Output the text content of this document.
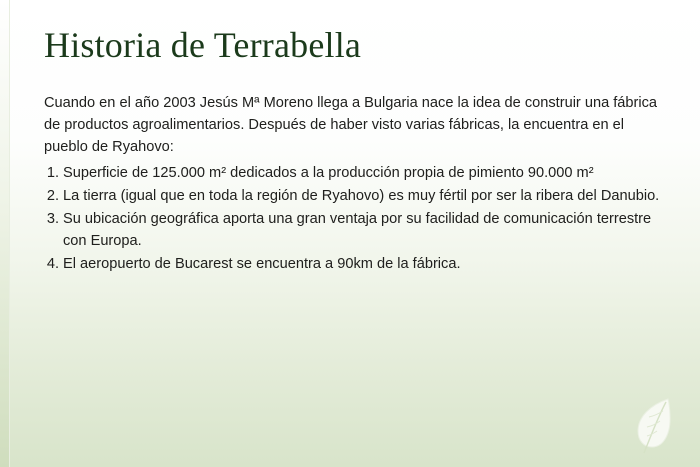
Historia de Terrabella

Cuando en el año 2003 Jesús Mª Moreno llega a Bulgaria nace la idea de construir una fábrica de productos agroalimentarios. Después de haber visto varias fábricas, la encuentra en el pueblo de Ryahovo:

Superficie de 125.000 m² dedicados a la producción propia de pimiento 90.000 m²
La tierra (igual que en toda la región de Ryahovo) es muy fértil por ser la ribera del Danubio.
Su ubicación geográfica aporta una gran ventaja por su facilidad de comunicación terrestre con Europa.
El aeropuerto de Bucarest se encuentra a 90km de la fábrica.
